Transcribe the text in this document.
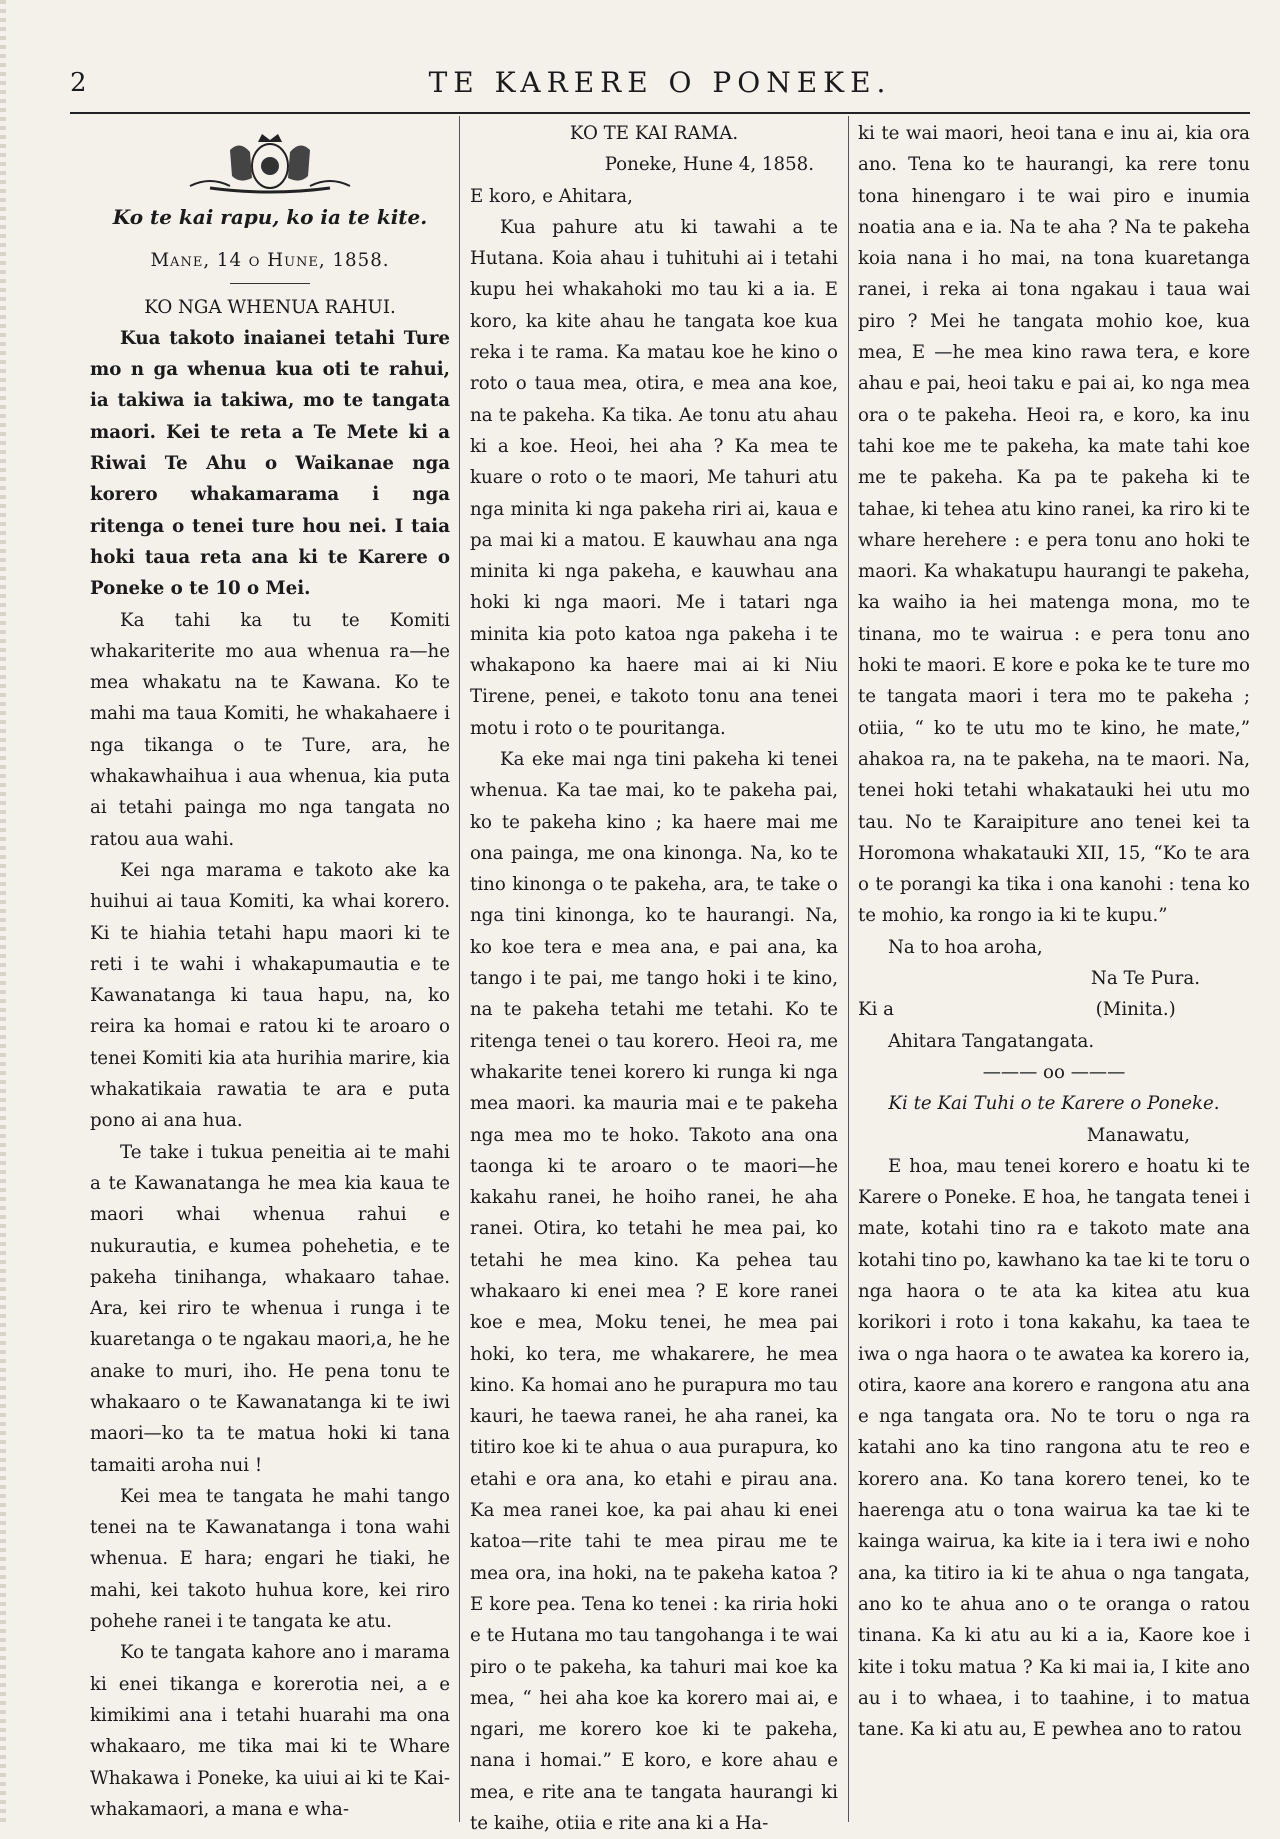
2	TE KARERE O PONEKE.
Ko te kai rapu, ko ia te kite.
Mane, 14 o Hune, 1858.
KO NGA WHENUA RAHUI.

Kua takoto inaianei tetahi Ture mo n ga whenua kua oti te rahui, ia takiwa ia takiwa, mo te tangata maori. Kei te reta a Te Mete ki a Riwai Te Ahu o Waikanae nga korero whakamarama i nga ritenga o tenei ture hou nei. I taia hoki taua reta ana ki te Karere o Poneke o te 10 o Mei.

Ka tahi ka tu te Komiti whakariterite mo aua whenua ra—he mea whakatu na te Kawana. Ko te mahi ma taua Komiti, he whakahaere i nga tikanga o te Ture, ara, he whakawhaihua i aua whenua, kia puta ai tetahi painga mo nga tangata no ratou aua wahi.

Kei nga marama e takoto ake ka huihui ai taua Komiti, ka whai korero. Ki te hiahia tetahi hapu maori ki te reti i te wahi i whakapumautia e te Kawanatanga ki taua hapu, na, ko reira ka homai e ratou ki te aroaro o tenei Komiti kia ata hurihia marire, kia whakatikaia rawatia te ara e puta pono ai ana hua.

Te take i tukua peneitia ai te mahi a te Kawanatanga he mea kia kaua te maori whai whenua rahui e nukurautia, e kumea pohehetia, e te pakeha tinihanga, whakaaro tahae. Ara, kei riro te whenua i runga i te kuaretanga o te ngakau maori,a, he he anake to muri, iho. He pena tonu te whakaaro o te Kawanatanga ki te iwi maori—ko ta te matua hoki ki tana tamaiti aroha nui !

Kei mea te tangata he mahi tango tenei na te Kawanatanga i tona wahi whenua. E hara; engari he tiaki, he mahi, kei takoto huhua kore, kei riro pohehe ranei i te tangata ke atu.

Ko te tangata kahore ano i marama ki enei tikanga e korerotia nei, a e kimikimi ana i tetahi huarahi ma ona whakaaro, me tika mai ki te Whare Whakawa i Poneke, ka uiui ai ki te Kai-whakamaori, a mana e wha-

KO TE KAI RAMA.
Poneke, Hune 4, 1858.

E koro, e Ahitara,

Kua pahure atu ki tawahi a te Hutana. Koia ahau i tuhituhi ai i tetahi kupu hei whakahoki mo tau ki a ia. E koro, ka kite ahau he tangata koe kua reka i te rama. Ka matau koe he kino o roto o taua mea, otira, e mea ana koe, na te pakeha. Ka tika. Ae tonu atu ahau ki a koe. Heoi, hei aha ? Ka mea te kuare o roto o te maori, Me tahuri atu nga minita ki nga pakeha riri ai, kaua e pa mai ki a matou. E kauwhau ana nga minita ki nga pakeha, e kauwhau ana hoki ki nga maori. Me i tatari nga minita kia poto katoa nga pakeha i te whakapono ka haere mai ai ki Niu Tirene, penei, e takoto tonu ana tenei motu i roto o te pouritanga.

Ka eke mai nga tini pakeha ki tenei whenua. Ka tae mai, ko te pakeha pai, ko te pakeha kino ; ka haere mai me ona painga, me ona kinonga. Na, ko te tino kinonga o te pakeha, ara, te take o nga tini kinonga, ko te haurangi. Na, ko koe tera e mea ana, e pai ana, ka tango i te pai, me tango hoki i te kino, na te pakeha tetahi me tetahi. Ko te ritenga tenei o tau korero. Heoi ra, me whakarite tenei korero ki runga ki nga mea maori. ka mauria mai e te pakeha nga mea mo te hoko. Takoto ana ona taonga ki te aroaro o te maori—he kakahu ranei, he hoiho ranei, he aha ranei. Otira, ko tetahi he mea pai, ko tetahi he mea kino. Ka pehea tau whakaaro ki enei mea ? E kore ranei koe e mea, Moku tenei, he mea pai hoki, ko tera, me whakarere, he mea kino. Ka homai ano he purapura mo tau kauri, he taewa ranei, he aha ranei, ka titiro koe ki te ahua o aua purapura, ko etahi e ora ana, ko etahi e pirau ana. Ka mea ranei koe, ka pai ahau ki enei katoa—rite tahi te mea pirau me te mea ora, ina hoki, na te pakeha katoa ? E kore pea. Tena ko tenei : ka riria hoki e te Hutana mo tau tangohanga i te wai piro o te pakeha, ka tahuri mai koe ka mea, “ hei aha koe ka korero mai ai, e ngari, me korero koe ki te pakeha, nana i homai.” E koro, e kore ahau e mea, e rite ana te tangata haurangi ki te kaihe, otiia e rite ana ki a Ha-

ki te wai maori, heoi tana e inu ai, kia ora ano. Tena ko te haurangi, ka rere tonu tona hinengaro i te wai piro e inumia noatia ana e ia. Na te aha ? Na te pakeha koia nana i ho mai, na tona kuaretanga ranei, i reka ai tona ngakau i taua wai piro ? Mei he tangata mohio koe, kua mea, E —he mea kino rawa tera, e kore ahau e pai, heoi taku e pai ai, ko nga mea ora o te pakeha. Heoi ra, e koro, ka inu tahi koe me te pakeha, ka mate tahi koe me te pakeha. Ka pa te pakeha ki te tahae, ki tehea atu kino ranei, ka riro ki te whare herehere : e pera tonu ano hoki te maori. Ka whakatupu haurangi te pakeha, ka waiho ia hei matenga mona, mo te tinana, mo te wairua : e pera tonu ano hoki te maori. E kore e poka ke te ture mo te tangata maori i tera mo te pakeha ; otiia, “ ko te utu mo te kino, he mate,” ahakoa ra, na te pakeha, na te maori. Na, tenei hoki tetahi whakatauki hei utu mo tau. No te Karaipiture ano tenei kei ta Horomona whakatauki XII, 15, “Ko te ara o te porangi ka tika i ona kanohi : tena ko te mohio, ka rongo ia ki te kupu.”

Na to hoa aroha,

Na Te Pura.

Ki a	(Minita.)

Ahitara Tangatangata.

——— oo ———
Ki te Kai Tuhi o te Karere o Poneke.
Manawatu,

E hoa, mau tenei korero e hoatu ki te Karere o Poneke. E hoa, he tangata tenei i mate, kotahi tino ra e takoto mate ana kotahi tino po, kawhano ka tae ki te toru o nga haora o te ata ka kitea atu kua korikori i roto i tona kakahu, ka taea te iwa o nga haora o te awatea ka korero ia, otira, kaore ana korero e rangona atu ana e nga tangata ora. No te toru o nga ra katahi ano ka tino rangona atu te reo e korero ana. Ko tana korero tenei, ko te haerenga atu o tona wairua ka tae ki te kainga wairua, ka kite ia i tera iwi e noho ana, ka titiro ia ki te ahua o nga tangata, ano ko te ahua ano o te oranga o ratou tinana. Ka ki atu au ki a ia, Kaore koe i kite i toku matua ? Ka ki mai ia, I kite ano au i to whaea, i to taahine, i to matua tane. Ka ki atu au, E pewhea ano to ratou
